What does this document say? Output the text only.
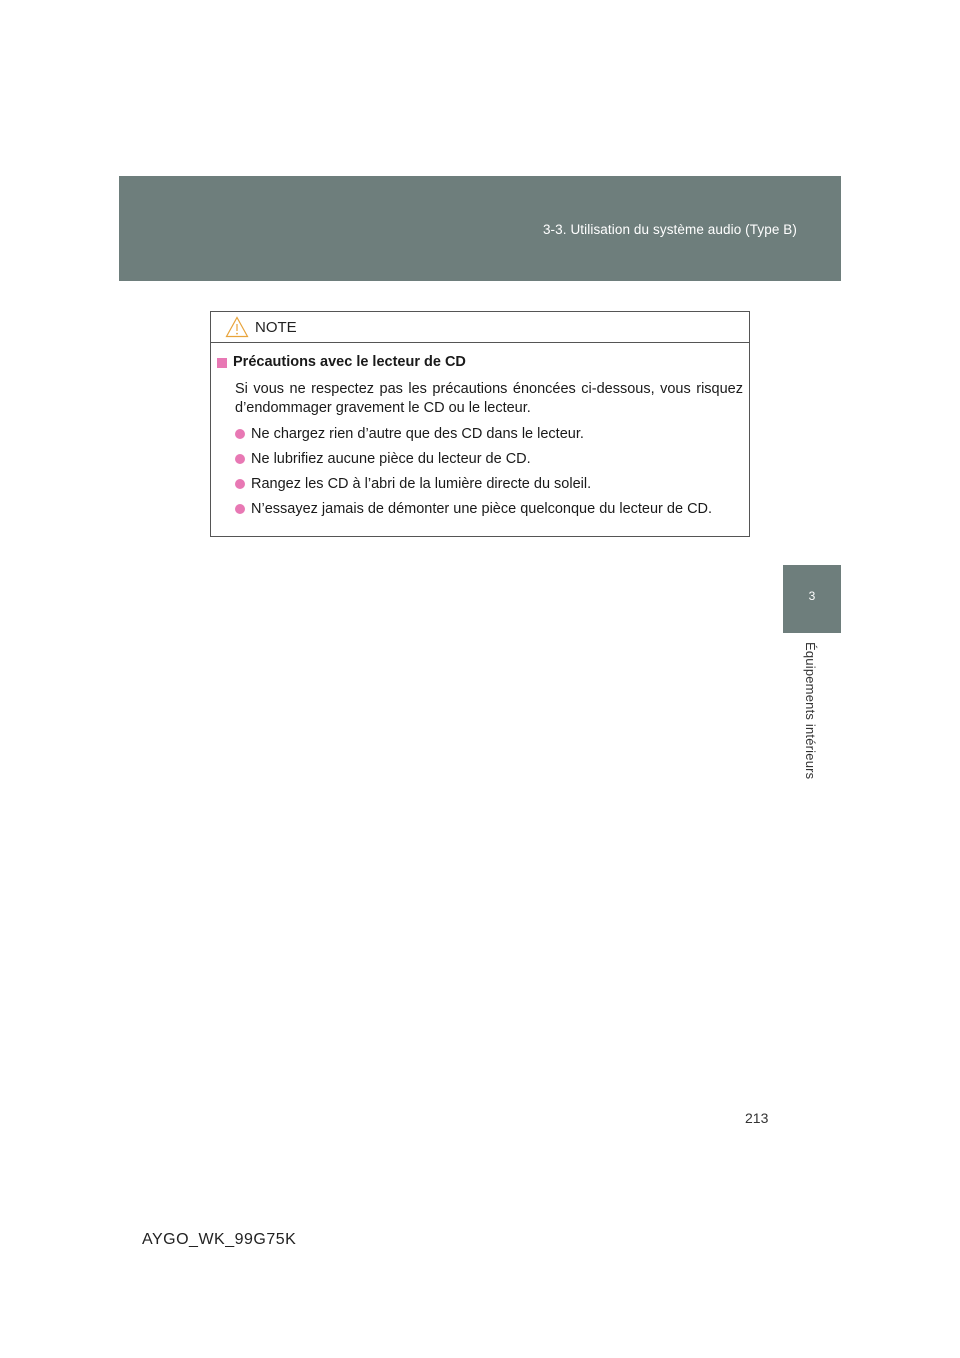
3-3. Utilisation du système audio (Type B)
3
Équipements intérieurs
NOTE
Précautions avec le lecteur de CD

Si vous ne respectez pas les précautions énoncées ci-dessous, vous risquez d’endommager gravement le CD ou le lecteur.

Ne chargez rien d’autre que des CD dans le lecteur.
Ne lubrifiez aucune pièce du lecteur de CD.
Rangez les CD à l’abri de la lumière directe du soleil.
N’essayez jamais de démonter une pièce quelconque du lecteur de CD.
213
AYGO_WK_99G75K
